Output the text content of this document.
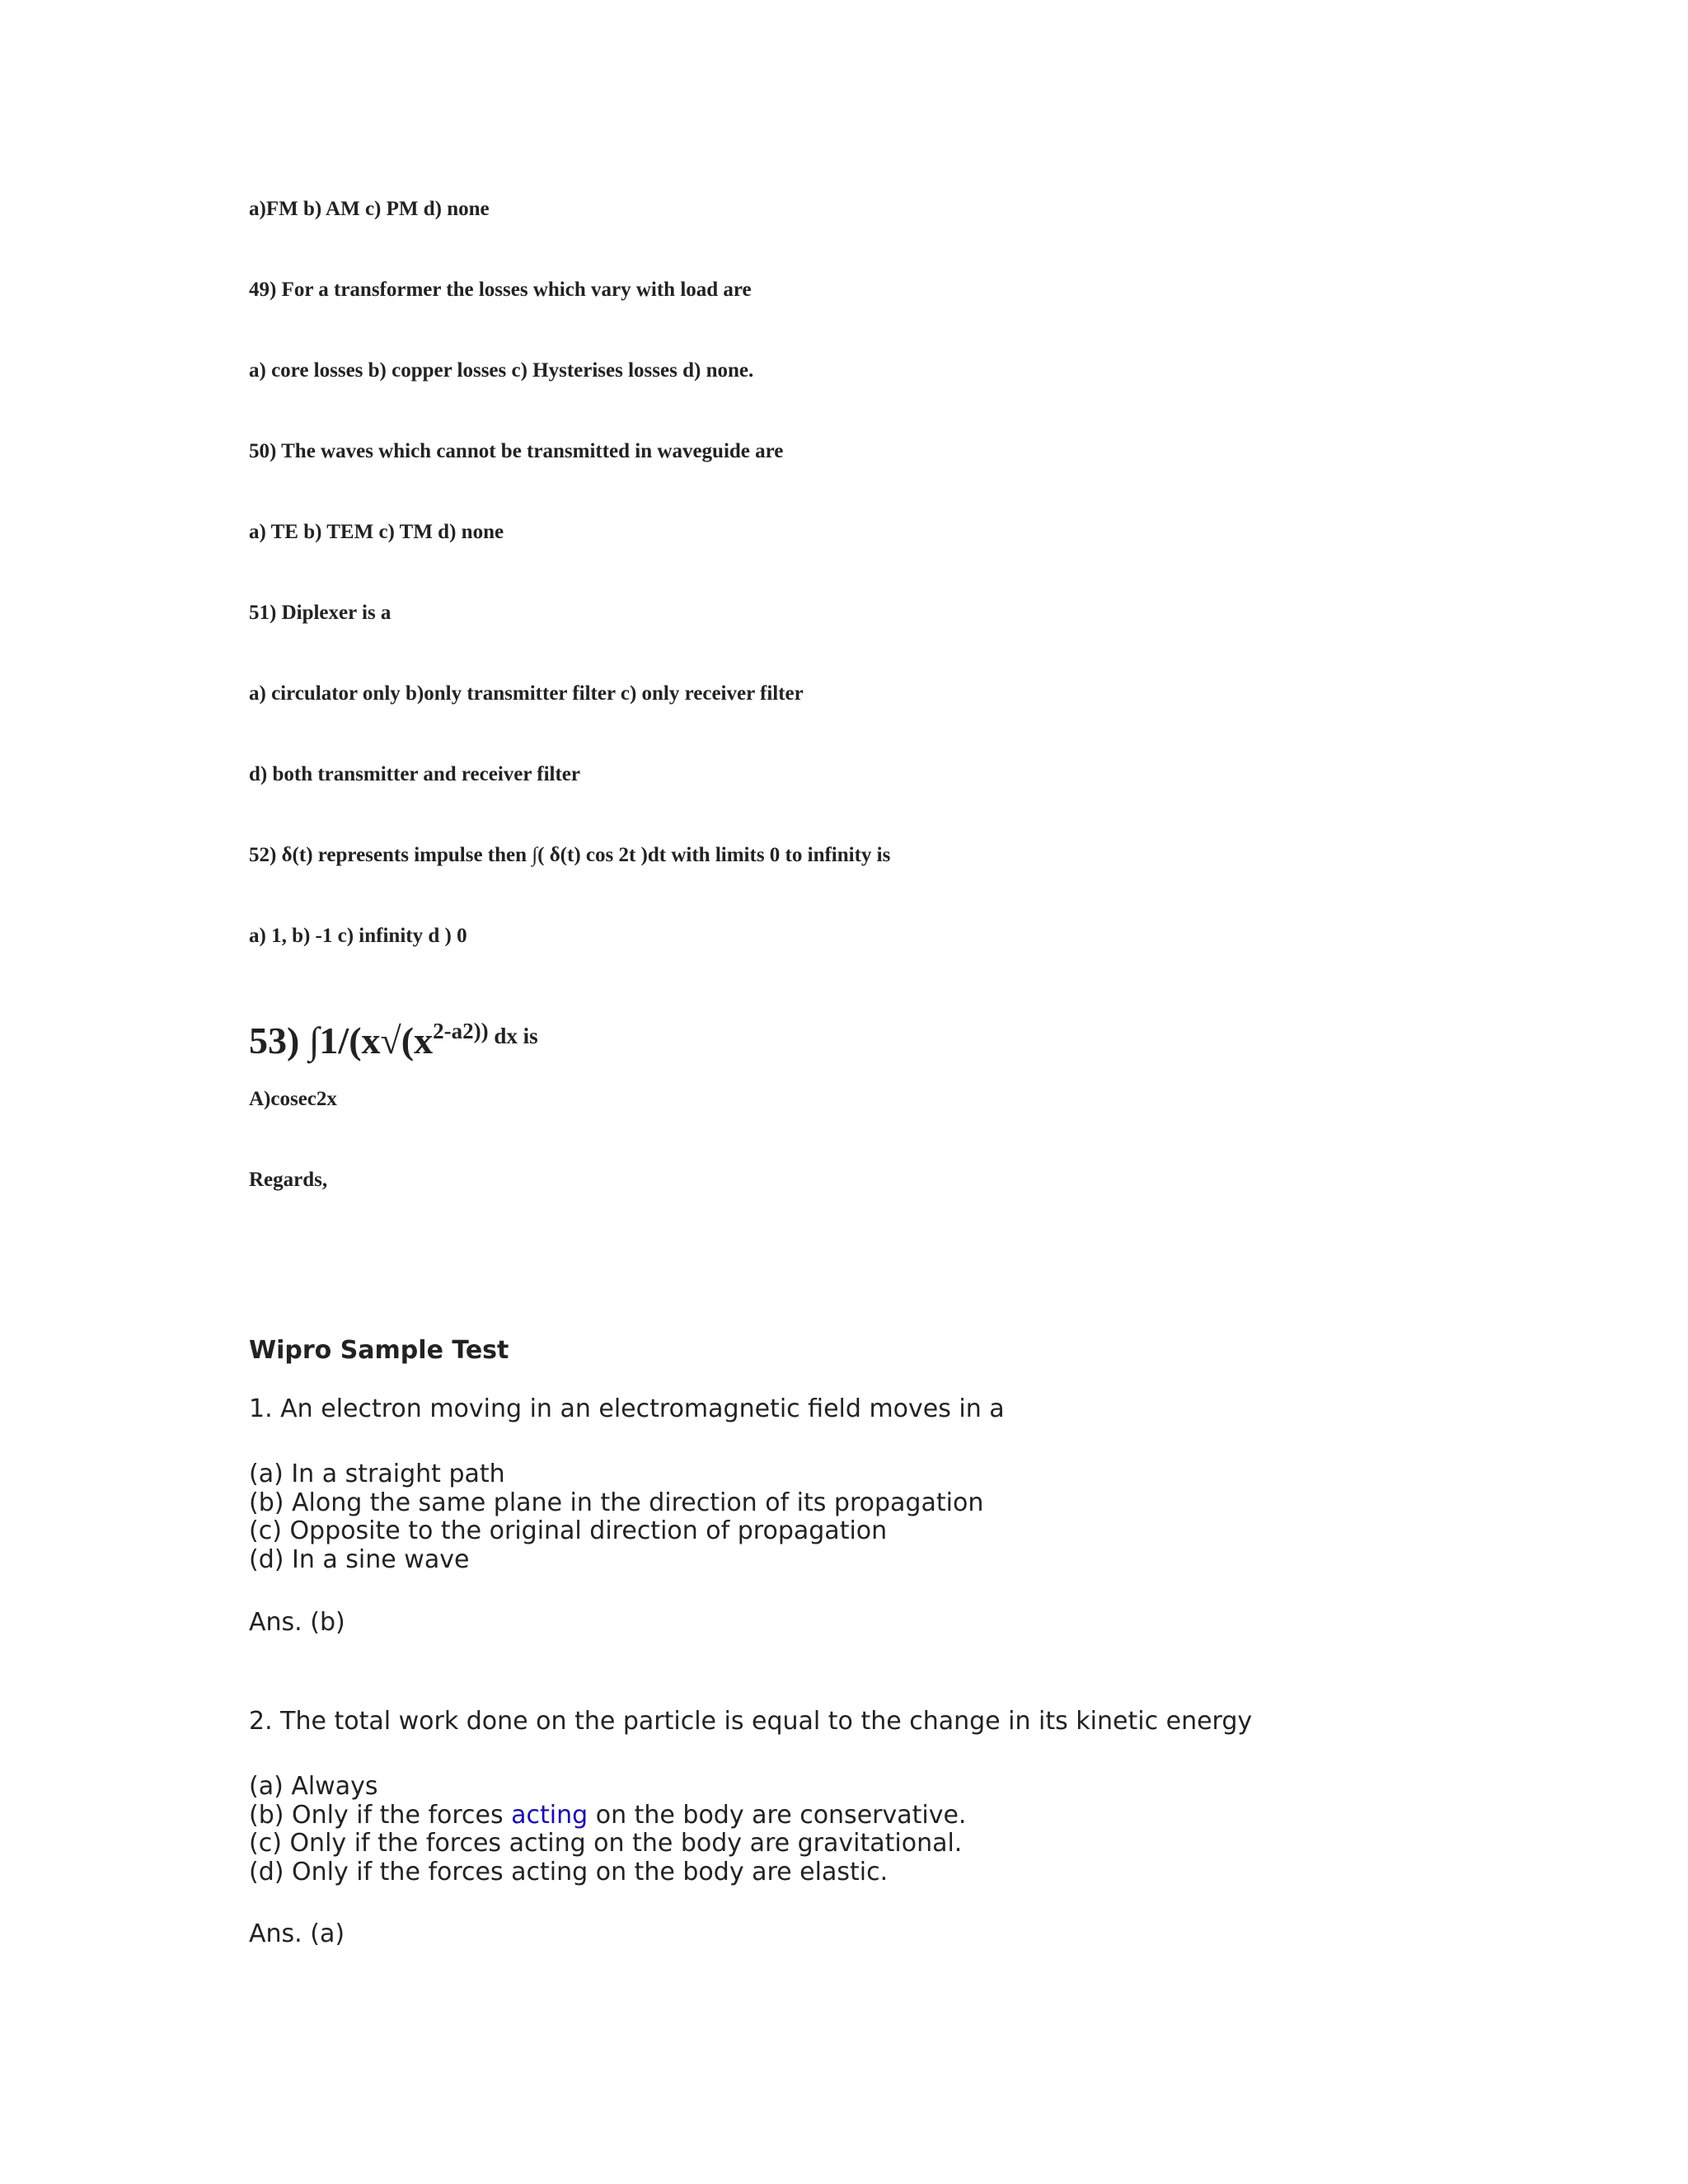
a)FM b) AM c) PM d) none
49) For a transformer the losses which vary with load are
a) core losses b) copper losses c) Hysterises losses d) none.
50) The waves which cannot be transmitted in waveguide are
a) TE b) TEM c) TM d) none
51) Diplexer is a
a) circulator only b)only transmitter filter c) only receiver filter
d) both transmitter and receiver filter
52) δ(t) represents impulse then ∫( δ(t) cos 2t )dt with limits 0 to infinity is
a) 1, b) -1 c) infinity d ) 0
53) $\int 1/(x√(x^{2-a2))}$ dx is
A)cosec2x
Regards,
Wipro Sample Test
1. An electron moving in an electromagnetic field moves in a
(a) In a straight path
(b) Along the same plane in the direction of its propagation
(c) Opposite to the original direction of propagation
(d) In a sine wave
Ans. (b)
2. The total work done on the particle is equal to the change in its kinetic energy
(a) Always
(b) Only if the forces acting on the body are conservative.
(c) Only if the forces acting on the body are gravitational.
(d) Only if the forces acting on the body are elastic.
Ans. (a)
